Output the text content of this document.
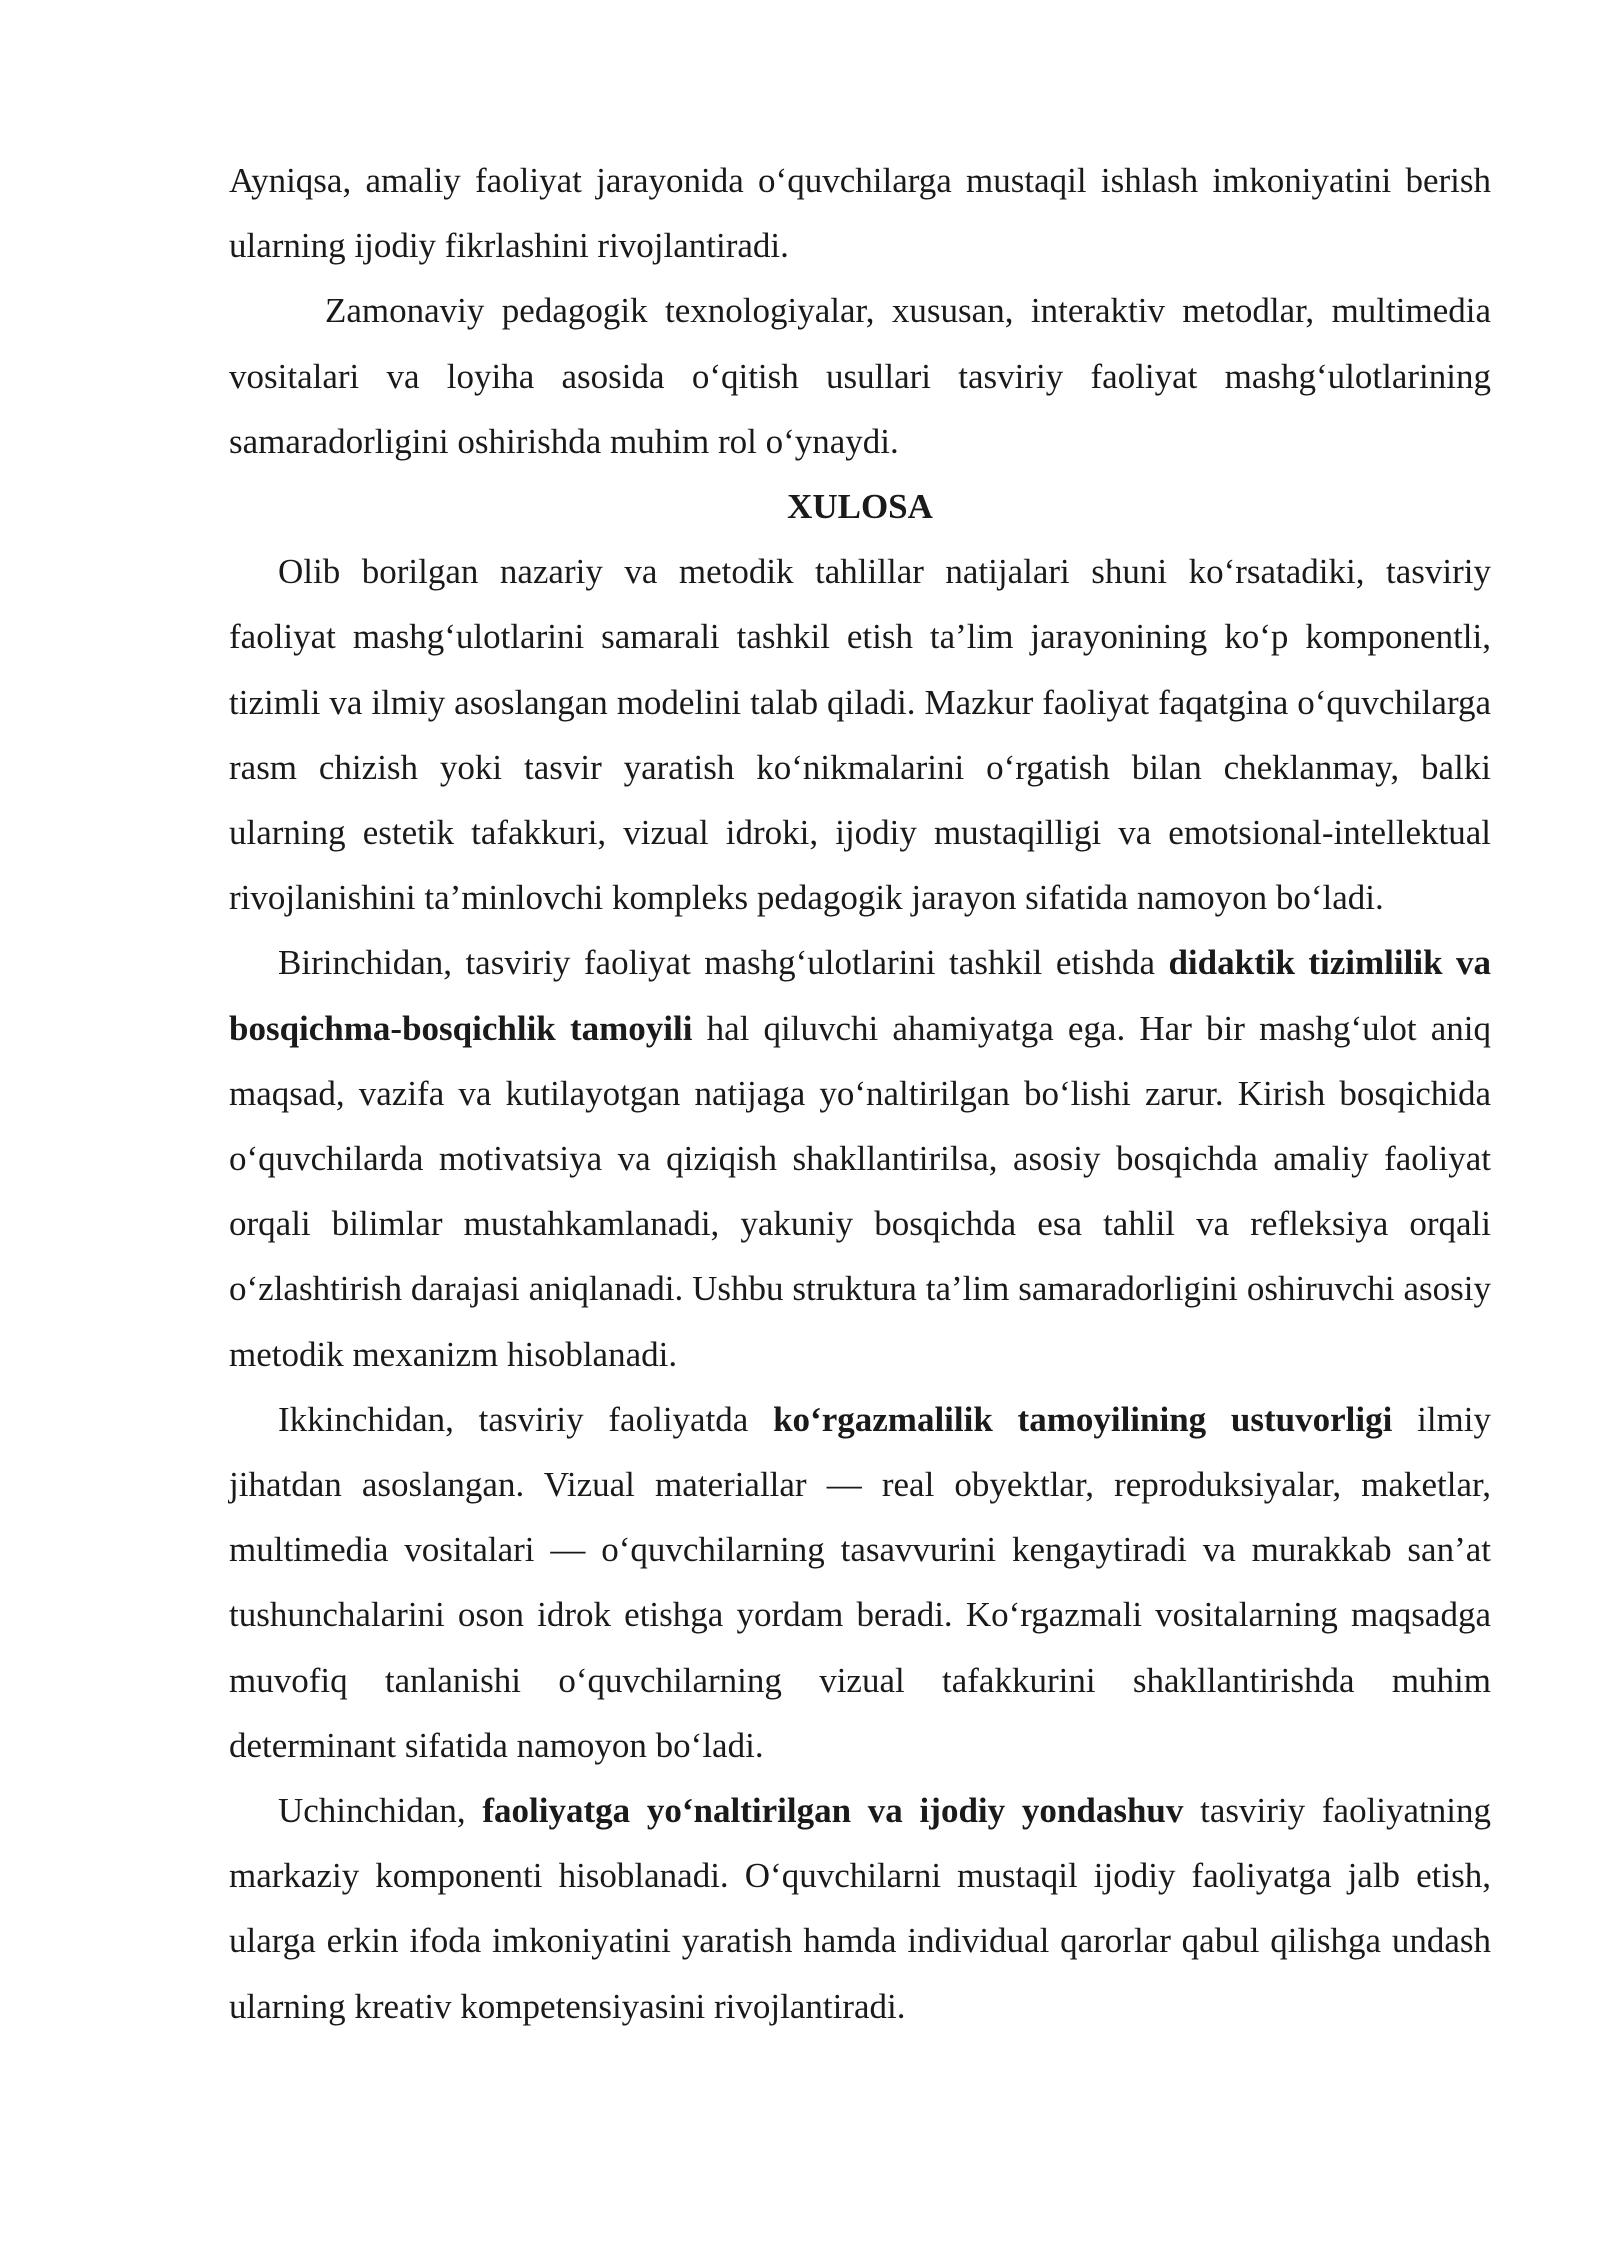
Ayniqsa, amaliy faoliyat jarayonida o‘quvchilarga mustaqil ishlash imkoniyatini berish ularning ijodiy fikrlashini rivojlantiradi.

Zamonaviy pedagogik texnologiyalar, xususan, interaktiv metodlar, multimedia vositalari va loyiha asosida o‘qitish usullari tasviriy faoliyat mashg‘ulotlarining samaradorligini oshirishda muhim rol o‘ynaydi.

XULOSA

Olib borilgan nazariy va metodik tahlillar natijalari shuni ko‘rsatadiki, tasviriy faoliyat mashg‘ulotlarini samarali tashkil etish ta’lim jarayonining ko‘p komponentli, tizimli va ilmiy asoslangan modelini talab qiladi. Mazkur faoliyat faqatgina o‘quvchilarga rasm chizish yoki tasvir yaratish ko‘nikmalarini o‘rgatish bilan cheklanmay, balki ularning estetik tafakkuri, vizual idroki, ijodiy mustaqilligi va emotsional-intellektual rivojlanishini ta’minlovchi kompleks pedagogik jarayon sifatida namoyon bo‘ladi.

Birinchidan, tasviriy faoliyat mashg‘ulotlarini tashkil etishda didaktik tizimlilik va bosqichma-bosqichlik tamoyili hal qiluvchi ahamiyatga ega. Har bir mashg‘ulot aniq maqsad, vazifa va kutilayotgan natijaga yo‘naltirilgan bo‘lishi zarur. Kirish bosqichida o‘quvchilarda motivatsiya va qiziqish shakllantirilsa, asosiy bosqichda amaliy faoliyat orqali bilimlar mustahkamlanadi, yakuniy bosqichda esa tahlil va refleksiya orqali o‘zlashtirish darajasi aniqlanadi. Ushbu struktura ta’lim samaradorligini oshiruvchi asosiy metodik mexanizm hisoblanadi.

Ikkinchidan, tasviriy faoliyatda ko‘rgazmalilik tamoyilining ustuvorligi ilmiy jihatdan asoslangan. Vizual materiallar — real obyektlar, reproduksiyalar, maketlar, multimedia vositalari — o‘quvchilarning tasavvurini kengaytiradi va murakkab san’at tushunchalarini oson idrok etishga yordam beradi. Ko‘rgazmali vositalarning maqsadga muvofiq tanlanishi o‘quvchilarning vizual tafakkurini shakllantirishda muhim determinant sifatida namoyon bo‘ladi.

Uchinchidan, faoliyatga yo‘naltirilgan va ijodiy yondashuv tasviriy faoliyatning markaziy komponenti hisoblanadi. O‘quvchilarni mustaqil ijodiy faoliyatga jalb etish, ularga erkin ifoda imkoniyatini yaratish hamda individual qarorlar qabul qilishga undash ularning kreativ kompetensiyasini rivojlantiradi.
